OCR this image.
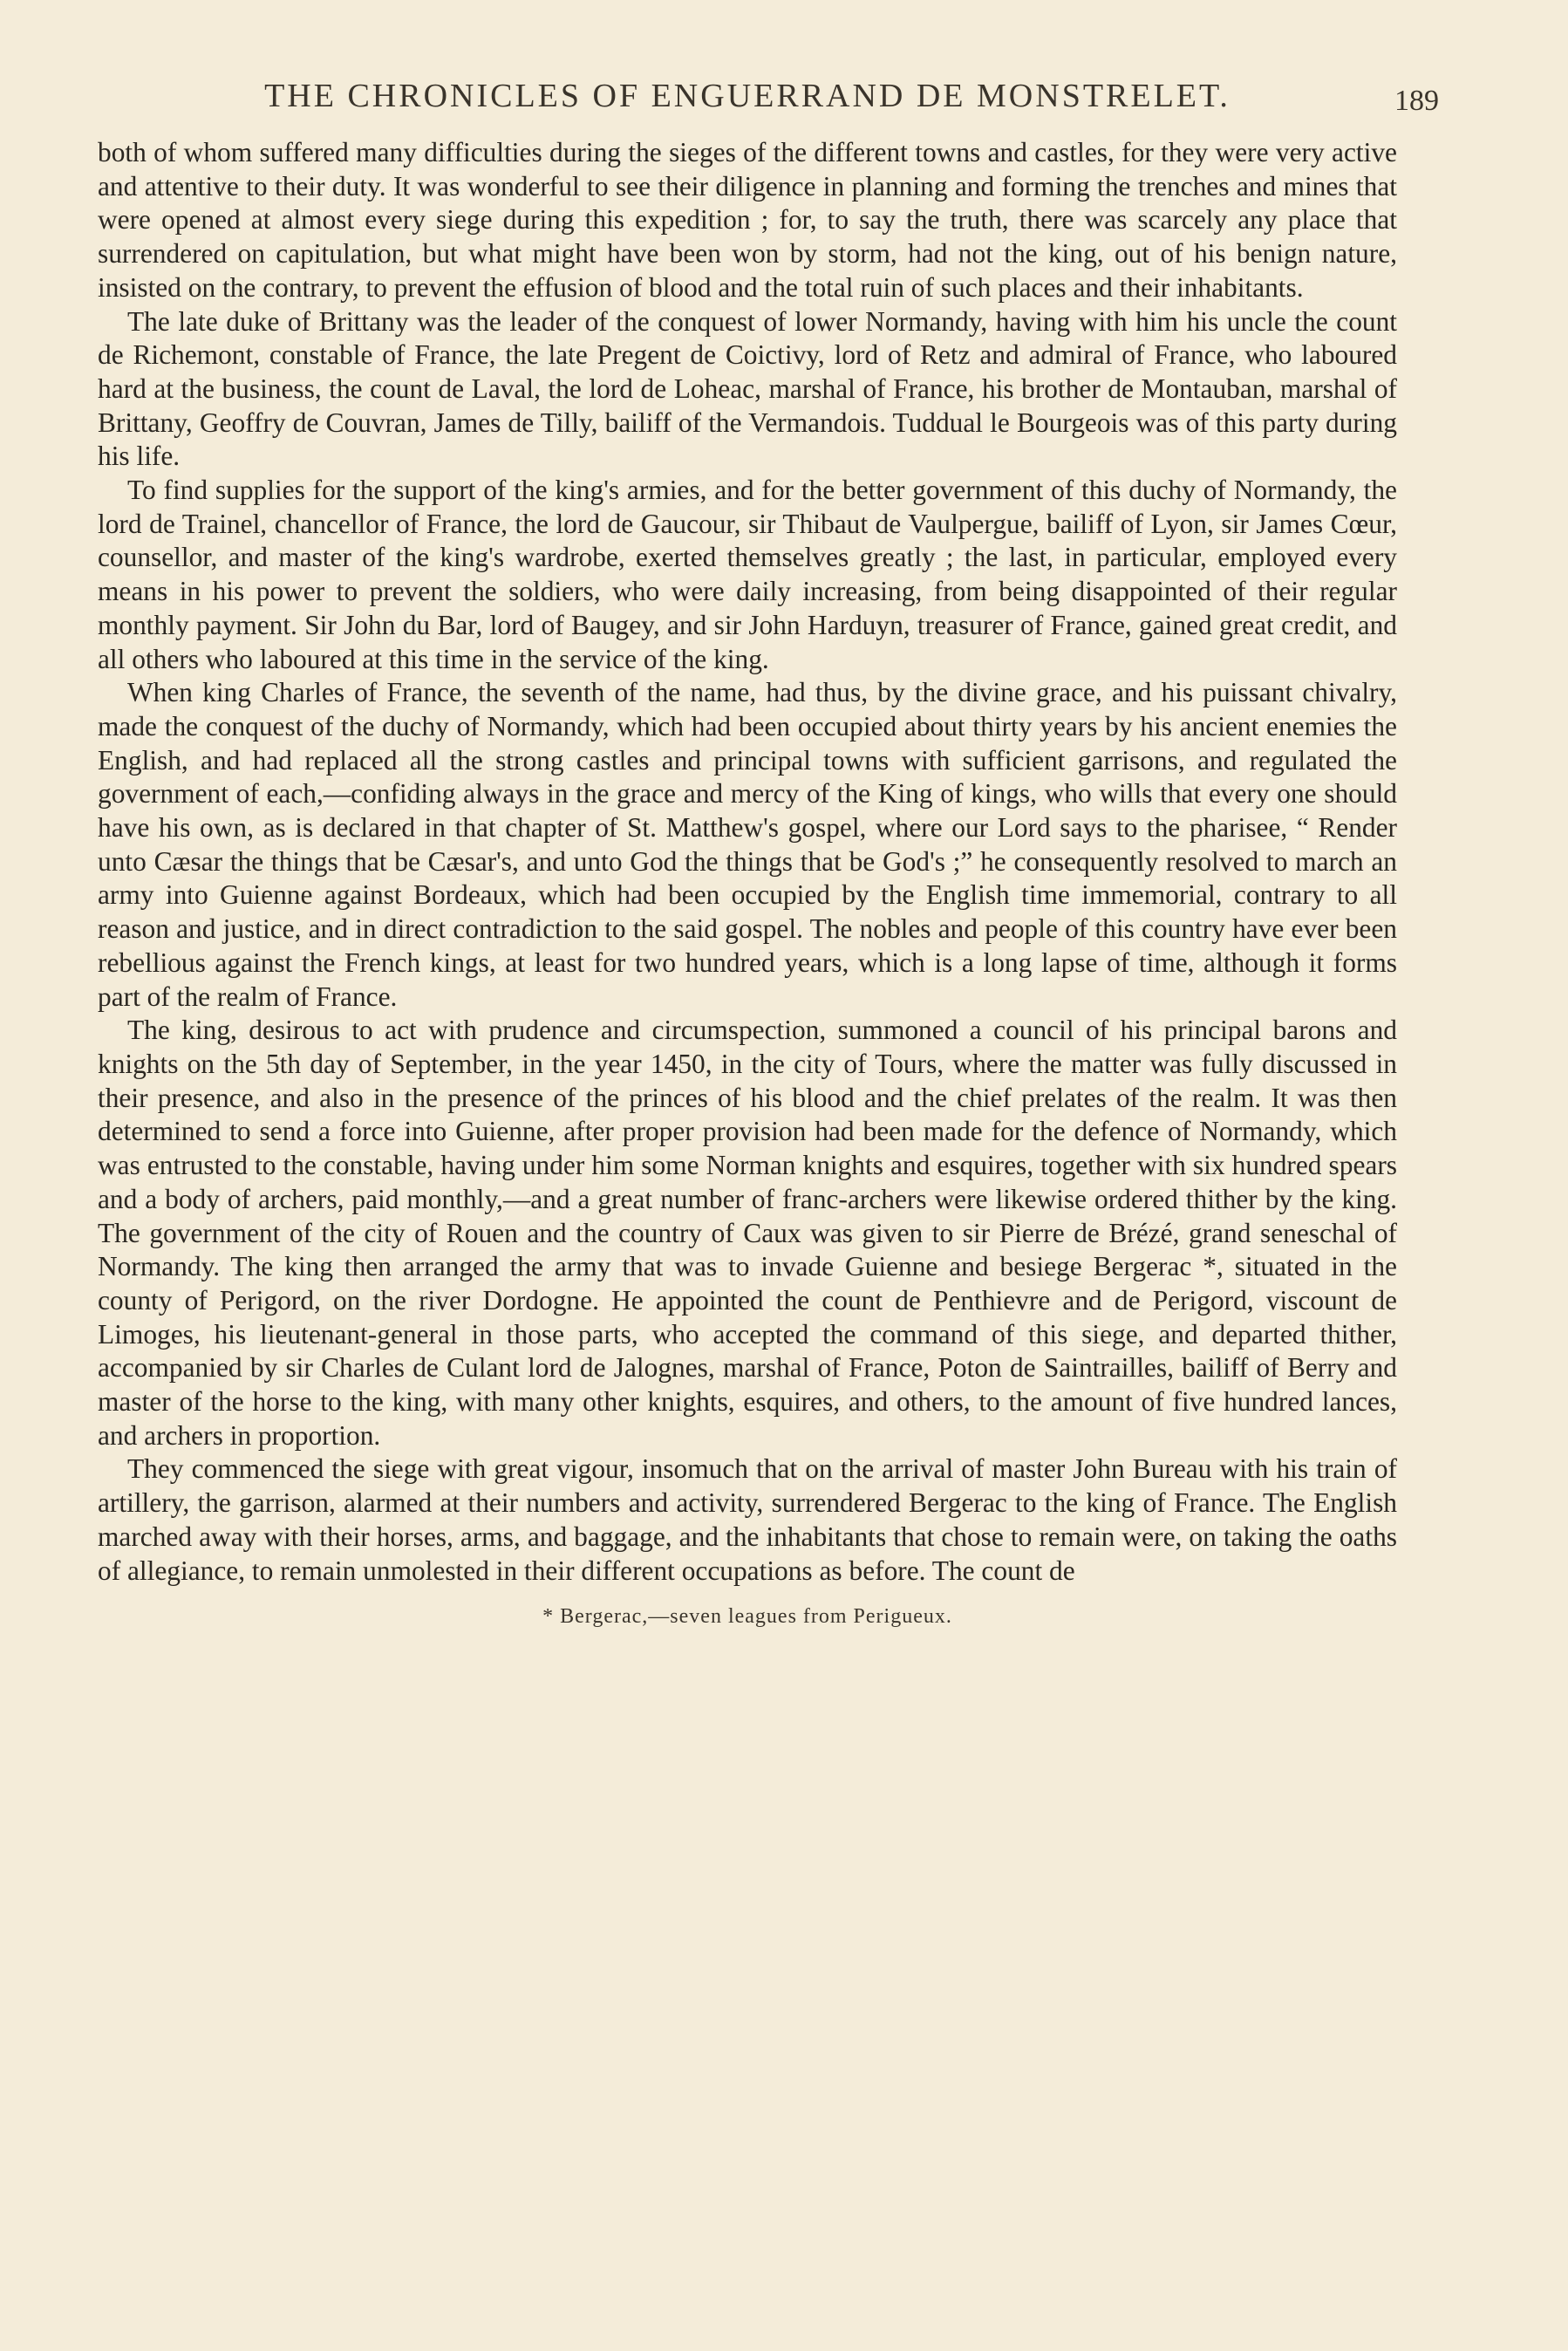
THE CHRONICLES OF ENGUERRAND DE MONSTRELET.	189

both of whom suffered many difficulties during the sieges of the different towns and castles, for they were very active and attentive to their duty. It was wonderful to see their diligence in planning and forming the trenches and mines that were opened at almost every siege during this expedition ; for, to say the truth, there was scarcely any place that surrendered on capitulation, but what might have been won by storm, had not the king, out of his benign nature, insisted on the contrary, to prevent the effusion of blood and the total ruin of such places and their inhabitants.

The late duke of Brittany was the leader of the conquest of lower Normandy, having with him his uncle the count de Richemont, constable of France, the late Pregent de Coictivy, lord of Retz and admiral of France, who laboured hard at the business, the count de Laval, the lord de Loheac, marshal of France, his brother de Montauban, marshal of Brittany, Geoffry de Couvran, James de Tilly, bailiff of the Vermandois. Tuddual le Bourgeois was of this party during his life.

To find supplies for the support of the king's armies, and for the better government of this duchy of Normandy, the lord de Trainel, chancellor of France, the lord de Gaucour, sir Thibaut de Vaulpergue, bailiff of Lyon, sir James Cœur, counsellor, and master of the king's wardrobe, exerted themselves greatly ; the last, in particular, employed every means in his power to prevent the soldiers, who were daily increasing, from being disappointed of their regular monthly payment. Sir John du Bar, lord of Baugey, and sir John Harduyn, treasurer of France, gained great credit, and all others who laboured at this time in the service of the king.

When king Charles of France, the seventh of the name, had thus, by the divine grace, and his puissant chivalry, made the conquest of the duchy of Normandy, which had been occupied about thirty years by his ancient enemies the English, and had replaced all the strong castles and principal towns with sufficient garrisons, and regulated the government of each,—confiding always in the grace and mercy of the King of kings, who wills that every one should have his own, as is declared in that chapter of St. Matthew's gospel, where our Lord says to the pharisee, “ Render unto Cæsar the things that be Cæsar's, and unto God the things that be God's ;” he consequently resolved to march an army into Guienne against Bordeaux, which had been occupied by the English time immemorial, contrary to all reason and justice, and in direct contradiction to the said gospel. The nobles and people of this country have ever been rebellious against the French kings, at least for two hundred years, which is a long lapse of time, although it forms part of the realm of France.

The king, desirous to act with prudence and circumspection, summoned a council of his principal barons and knights on the 5th day of September, in the year 1450, in the city of Tours, where the matter was fully discussed in their presence, and also in the presence of the princes of his blood and the chief prelates of the realm. It was then determined to send a force into Guienne, after proper provision had been made for the defence of Normandy, which was entrusted to the constable, having under him some Norman knights and esquires, together with six hundred spears and a body of archers, paid monthly,—and a great number of franc-archers were likewise ordered thither by the king. The government of the city of Rouen and the country of Caux was given to sir Pierre de Brézé, grand seneschal of Normandy. The king then arranged the army that was to invade Guienne and besiege Bergerac *, situated in the county of Perigord, on the river Dordogne. He appointed the count de Penthievre and de Perigord, viscount de Limoges, his lieutenant-general in those parts, who accepted the command of this siege, and departed thither, accompanied by sir Charles de Culant lord de Jalognes, marshal of France, Poton de Saintrailles, bailiff of Berry and master of the horse to the king, with many other knights, esquires, and others, to the amount of five hundred lances, and archers in proportion.

They commenced the siege with great vigour, insomuch that on the arrival of master John Bureau with his train of artillery, the garrison, alarmed at their numbers and activity, surrendered Bergerac to the king of France. The English marched away with their horses, arms, and baggage, and the inhabitants that chose to remain were, on taking the oaths of allegiance, to remain unmolested in their different occupations as before. The count de

* Bergerac,—seven leagues from Perigueux.
